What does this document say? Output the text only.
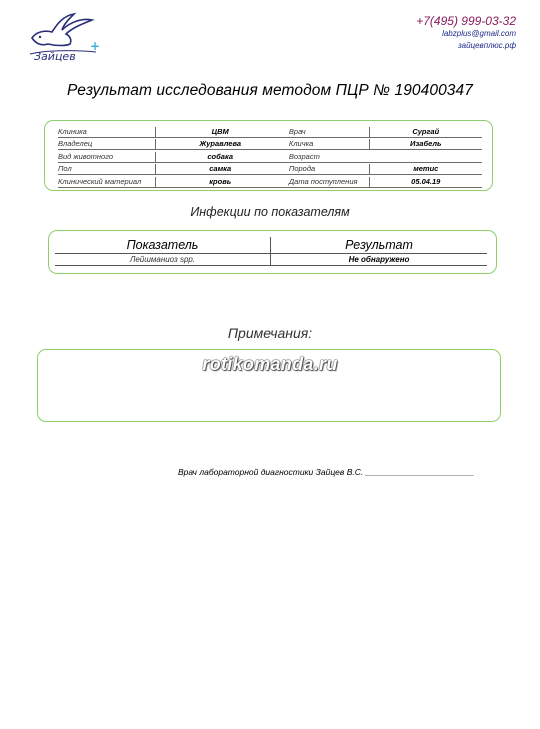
Зайцев
+
+7(495) 999-03-32
labzplus@gmail.com
зайцевплюс.рф
Результат исследования методом ПЦР № 190400347
Клиника	ЦВМ	Врач	Сургай
Владелец	Журавлева	Кличка	Изабель
Вид животного	собака	Возраст
Пол	самка	Порода	метис
Клинический материал	кровь	Дата поступления	05.04.19
Инфекции по показателям
Показатель	Результат
Лейшманиоз spp.	Не обнаружено
Примечания:
rotikomanda.ru
Врач лабораторной диагностики Зайцев В.С. _______________________
